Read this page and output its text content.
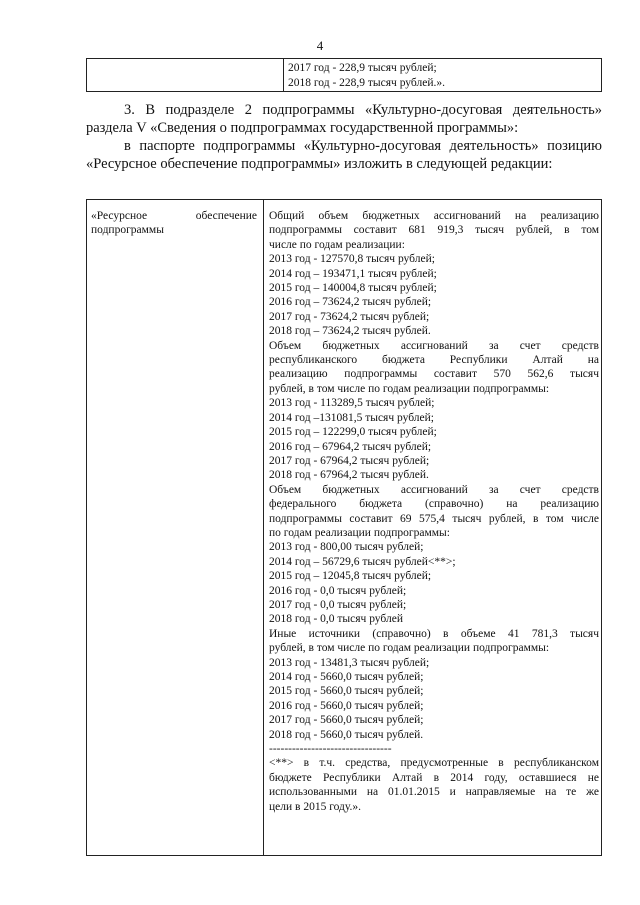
4
2017 год - 228,9 тысяч рублей;
2018 год - 228,9 тысяч рублей.».
3. В подразделе 2 подпрограммы «Культурно-досуговая деятельность» раздела V «Сведения о подпрограммах государственной программы»:
в паспорте подпрограммы «Культурно-досуговая деятельность» позицию «Ресурсное обеспечение подпрограммы» изложить в следующей редакции:
«Ресурсное обеспечение
подпрограммы
Общий объем бюджетных ассигнований на реализацию
подпрограммы составит 681 919,3 тысяч рублей, в том
числе по годам реализации:
2013 год - 127570,8 тысяч рублей;
2014 год – 193471,1 тысяч рублей;
2015 год – 140004,8 тысяч рублей;
2016 год – 73624,2 тысяч рублей;
2017 год - 73624,2 тысяч рублей;
2018 год – 73624,2 тысяч рублей.
Объем бюджетных ассигнований за счет средств
республиканского бюджета Республики Алтай на
реализацию подпрограммы составит 570 562,6 тысяч
рублей, в том числе по годам реализации подпрограммы:
2013 год - 113289,5 тысяч рублей;
2014 год –131081,5 тысяч рублей;
2015 год – 122299,0 тысяч рублей;
2016 год – 67964,2 тысяч рублей;
2017 год - 67964,2 тысяч рублей;
2018 год - 67964,2 тысяч рублей.
Объем бюджетных ассигнований за счет средств
федерального бюджета (справочно) на реализацию
подпрограммы составит 69 575,4 тысяч рублей, в том числе
по годам реализации подпрограммы:
2013 год - 800,00 тысяч рублей;
2014 год – 56729,6 тысяч рублей<**>;
2015 год – 12045,8 тысяч рублей;
2016 год - 0,0 тысяч рублей;
2017 год - 0,0 тысяч рублей;
2018 год - 0,0 тысяч рублей
Иные источники (справочно) в объеме 41 781,3 тысяч
рублей, в том числе по годам реализации подпрограммы:
2013 год - 13481,3 тысяч рублей;
2014 год - 5660,0 тысяч рублей;
2015 год - 5660,0 тысяч рублей;
2016 год - 5660,0 тысяч рублей;
2017 год - 5660,0 тысяч рублей;
2018 год - 5660,0 тысяч рублей.
--------------------------------
<**> в т.ч. средства, предусмотренные в республиканском
бюджете Республики Алтай в 2014 году, оставшиеся не
использованными на 01.01.2015 и направляемые на те же
цели в 2015 году.».
